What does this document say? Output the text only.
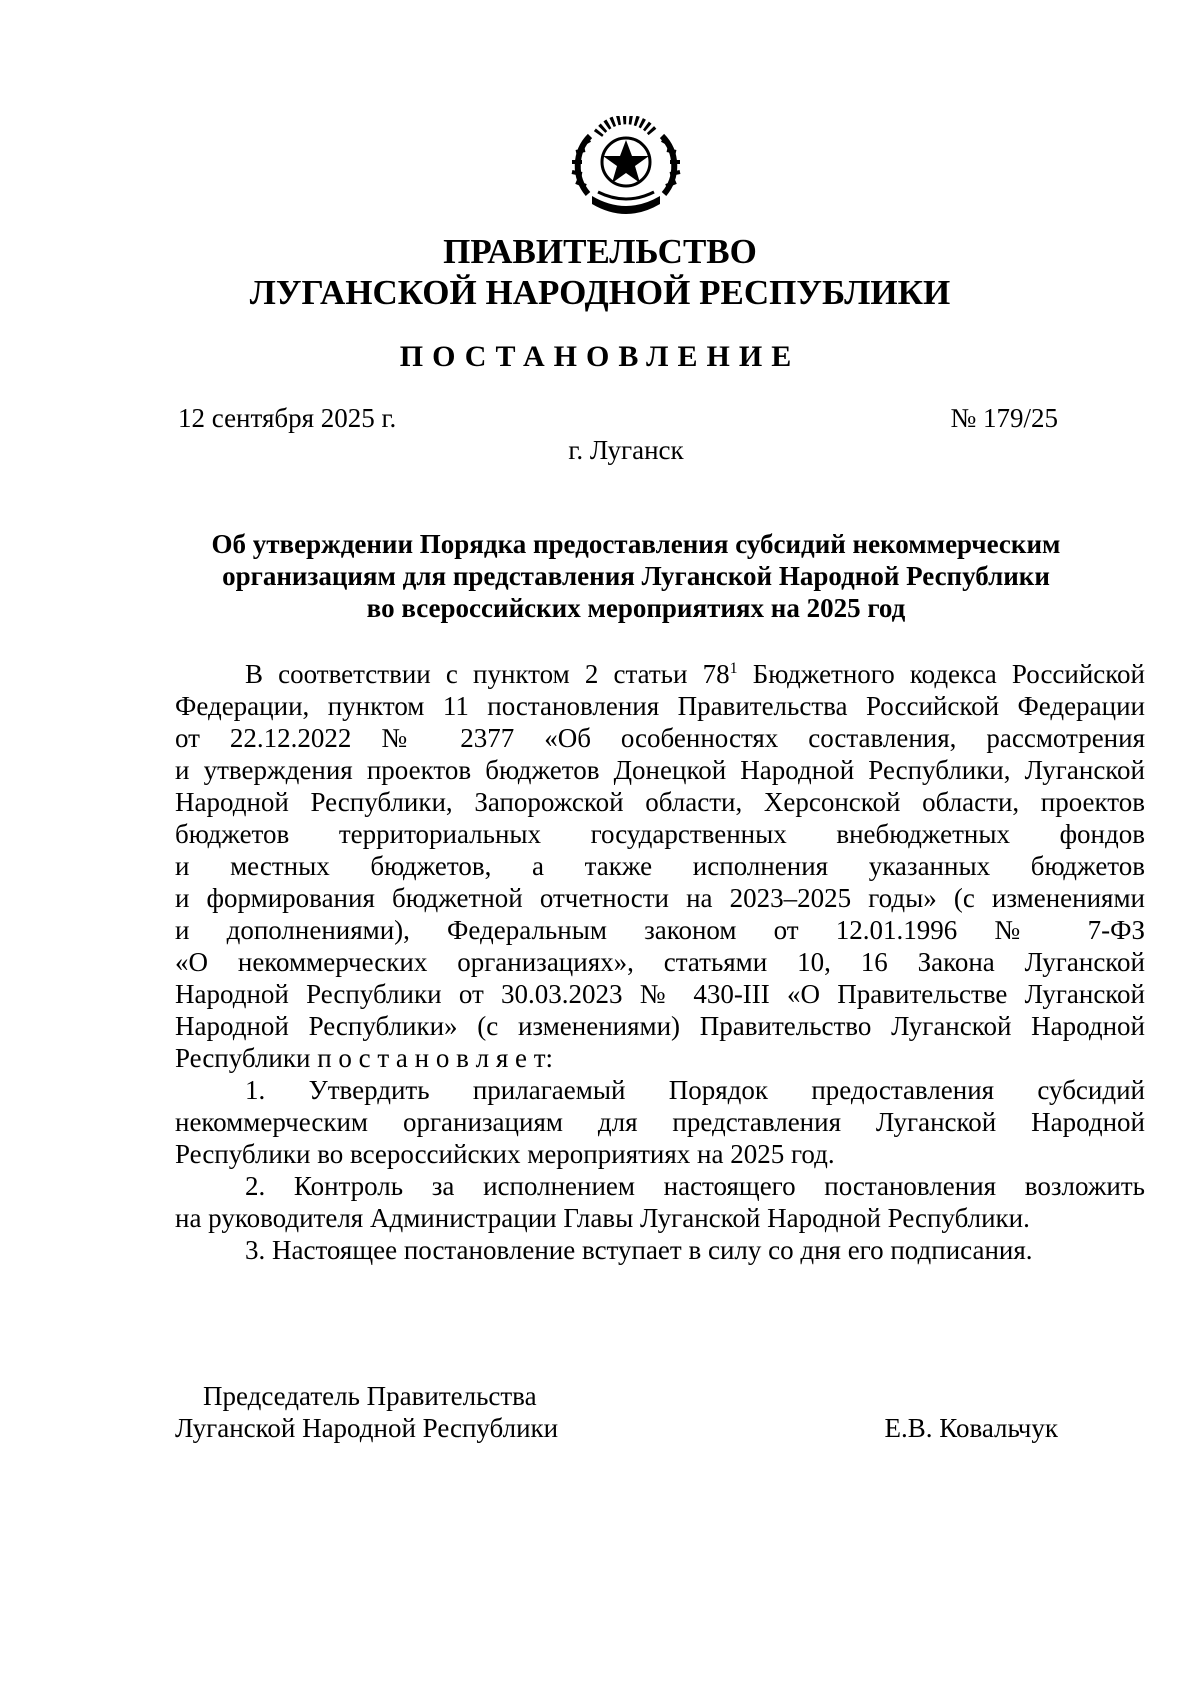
ПРАВИТЕЛЬСТВО
ЛУГАНСКОЙ НАРОДНОЙ РЕСПУБЛИКИ
ПОСТАНОВЛЕНИЕ
12 сентября 2025 г.	№ 179/25
г. Луганск
Об утверждении Порядка предоставления субсидий некоммерческим
организациям для представления Луганской Народной Республики
во всероссийских мероприятиях на 2025 год
В соответствии с пунктом 2 статьи $78^1$ Бюджетного кодекса Российской
Федерации, пунктом 11 постановления Правительства Российской Федерации
от 22.12.2022 № 2377 «Об особенностях составления, рассмотрения
и утверждения проектов бюджетов Донецкой Народной Республики, Луганской
Народной Республики, Запорожской области, Херсонской области, проектов
бюджетов территориальных государственных внебюджетных фондов
и местных бюджетов, а также исполнения указанных бюджетов
и формирования бюджетной отчетности на 2023–2025 годы» (с изменениями
и дополнениями), Федеральным законом от 12.01.1996 № 7-ФЗ
«О некоммерческих организациях», статьями 10, 16 Закона Луганской
Народной Республики от 30.03.2023 № 430-III «О Правительстве Луганской
Народной Республики» (с изменениями) Правительство Луганской Народной
Республики п о с т а н о в л я е т:
1. Утвердить прилагаемый Порядок предоставления субсидий
некоммерческим организациям для представления Луганской Народной
Республики во всероссийских мероприятиях на 2025 год.
2. Контроль за исполнением настоящего постановления возложить
на руководителя Администрации Главы Луганской Народной Республики.
3. Настоящее постановление вступает в силу со дня его подписания.
Председатель Правительства
Луганской Народной Республики	Е.В. Ковальчук
